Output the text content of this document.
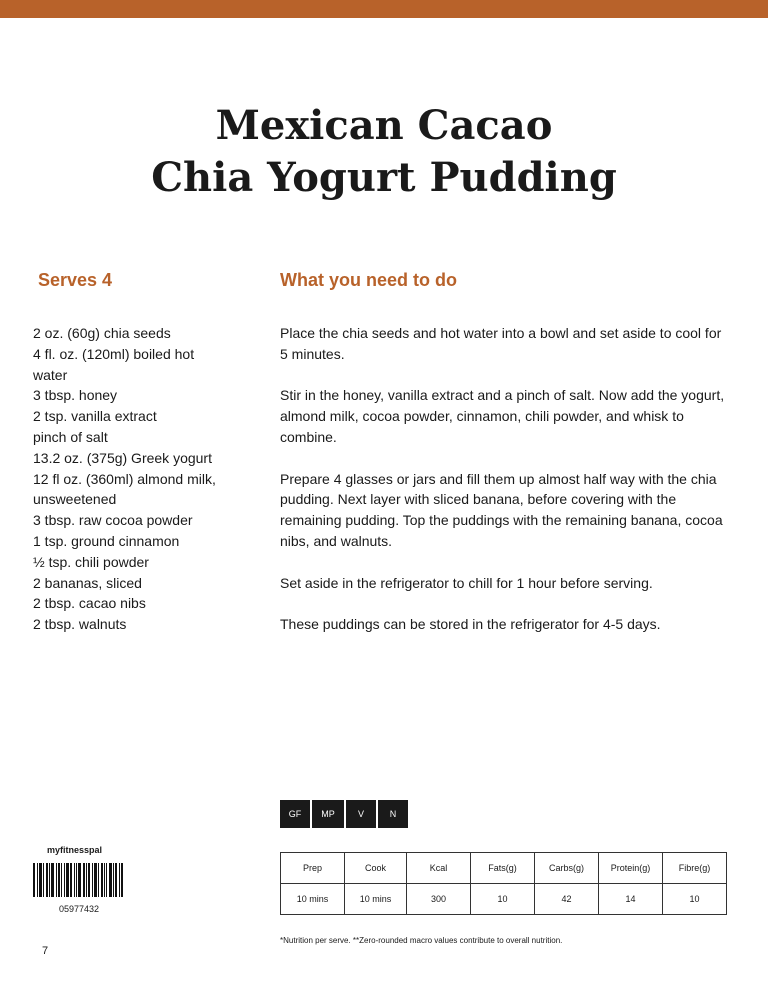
Mexican Cacao
Chia Yogurt Pudding
Serves 4	What you need to do
2 oz. (60g) chia seeds
4 fl. oz. (120ml) boiled hot
water
3 tbsp. honey
2 tsp. vanilla extract
pinch of salt
13.2 oz. (375g) Greek yogurt
12 fl oz. (360ml) almond milk,
unsweetened
3 tbsp. raw cocoa powder
1 tsp. ground cinnamon
½ tsp. chili powder
2 bananas, sliced
2 tbsp. cacao nibs
2 tbsp. walnuts

Place the chia seeds and hot water into a bowl and set aside to cool for 5 minutes.

Stir in the honey, vanilla extract and a pinch of salt. Now add the yogurt, almond milk, cocoa powder, cinnamon, chili powder, and whisk to combine.

Prepare 4 glasses or jars and fill them up almost half way with the chia pudding. Next layer with sliced banana, before covering with the remaining pudding. Top the puddings with the remaining banana, cocoa nibs, and walnuts.

Set aside in the refrigerator to chill for 1 hour before serving.

These puddings can be stored in the refrigerator for 4-5 days.

GF	MP	V	N
myfitnesspal
05977432
Prep	Cook	Kcal	Fats(g)	Carbs(g)	Protein(g)	Fibre(g)
10 mins	10 mins	300	10	42	14	10
*Nutrition per serve. **Zero-rounded macro values contribute to overall nutrition.
7
